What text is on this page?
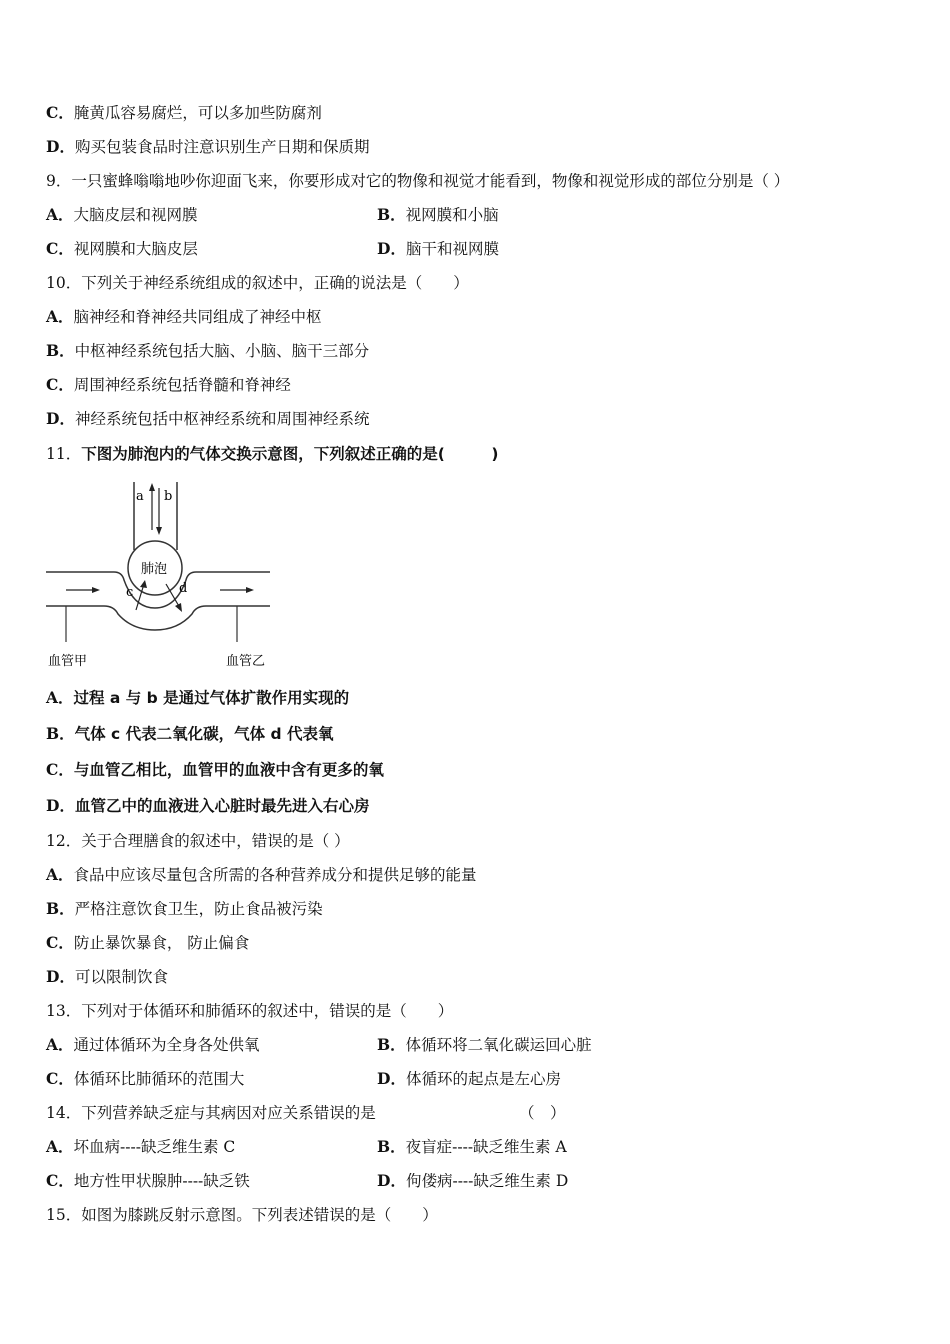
C．腌黄瓜容易腐烂，可以多加些防腐剂
D．购买包装食品时注意识别生产日期和保质期
9．一只蜜蜂嗡嗡地吵你迎面飞来，你要形成对它的物像和视觉才能看到，物像和视觉形成的部位分别是（ ）
A．大脑皮层和视网膜	B．视网膜和小脑
C．视网膜和大脑皮层	D．脑干和视网膜
10．下列关于神经系统组成的叙述中，正确的说法是（　　）
A．脑神经和脊神经共同组成了神经中枢
B．中枢神经系统包括大脑、小脑、脑干三部分
C．周围神经系统包括脊髓和脊神经
D．神经系统包括中枢神经系统和周围神经系统
11．下图为肺泡内的气体交换示意图，下列叙述正确的是(　　　)
a b
肺泡
c	d
血管甲	血管乙
A．过程 a 与 b 是通过气体扩散作用实现的
B．气体 c 代表二氧化碳，气体 d 代表氧
C．与血管乙相比，血管甲的血液中含有更多的氧
D．血管乙中的血液进入心脏时最先进入右心房
12．关于合理膳食的叙述中，错误的是（ ）
A．食品中应该尽量包含所需的各种营养成分和提供足够的能量
B．严格注意饮食卫生，防止食品被污染
C．防止暴饮暴食， 防止偏食
D．可以限制饮食
13．下列对于体循环和肺循环的叙述中，错误的是（　　）
A．通过体循环为全身各处供氧	B．体循环将二氧化碳运回心脏
C．体循环比肺循环的范围大	D．体循环的起点是左心房
14．下列营养缺乏症与其病因对应关系错误的是	（　）
A．坏血病----缺乏维生素 C	B．夜盲症----缺乏维生素 A
C．地方性甲状腺肿----缺乏铁	D．佝偻病----缺乏维生素 D
15．如图为膝跳反射示意图。下列表述错误的是（　　）
